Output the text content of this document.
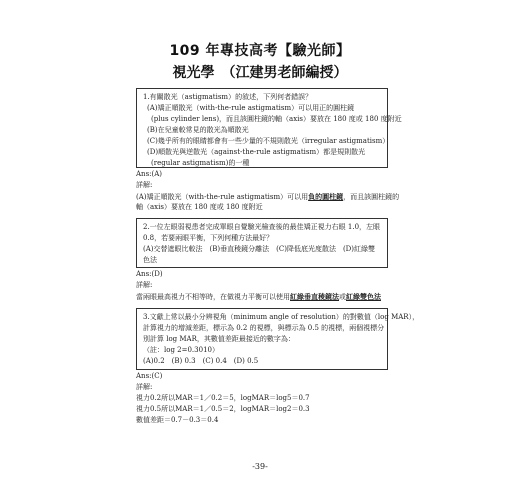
109 年專技高考【驗光師】
視光學　（江建男老師編授）
1.有關散光（astigmatism）的敘述，下列何者錯誤？
(A)矯正順散光（with-the-rule astigmatism）可以用正的圓柱鏡
(plus cylinder lens)，而且該圓柱鏡的軸（axis）要放在 180 度或 180 度附近
(B)在兒童較常見的散光為順散光
(C)幾乎所有的眼睛都會有一些少量的不規則散光（irregular astigmatism）
(D)順散光與逆散光（against-the-rule astigmatism）都是規則散光
(regular astigmatism)的一種
Ans:(A)
詳解:
(A)矯正順散光（with-the-rule astigmatism）可以用負的圓柱鏡，而且該圓柱鏡的
軸（axis）要放在 180 度或 180 度附近
2.一位左眼弱視患者完成單眼自覺驗光檢查後的最佳矯正視力右眼 1.0，左眼
0.8，若要兩眼平衡，下列何種方法最好？
(A)交替遮眼比較法　(B)垂直稜鏡分離法　(C)降低底光度散法　(D)紅綠雙
色法
Ans:(D)
詳解:
當兩眼最高視力不相等時，在做視力平衡可以使用紅綠垂直稜鏡法或紅綠雙色法
3.文獻上常以最小分辨視角（minimum angle of resolution）的對數值（log MAR），
計算視力的增減差距，標示為 0.2 的視標，與標示為 0.5 的視標，兩個視標分
別計算 log MAR，其數值差距最接近的數字為：
（註：log 2=0.3010）
(A)0.2　(B) 0.3　(C) 0.4　(D) 0.5
Ans:(C)
詳解:
視力0.2所以MAR＝1／0.2＝5，logMAR＝log5＝0.7
視力0.5所以MAR＝1／0.5＝2，logMAR＝log2＝0.3
數值差距＝0.7－0.3＝0.4
-39-
